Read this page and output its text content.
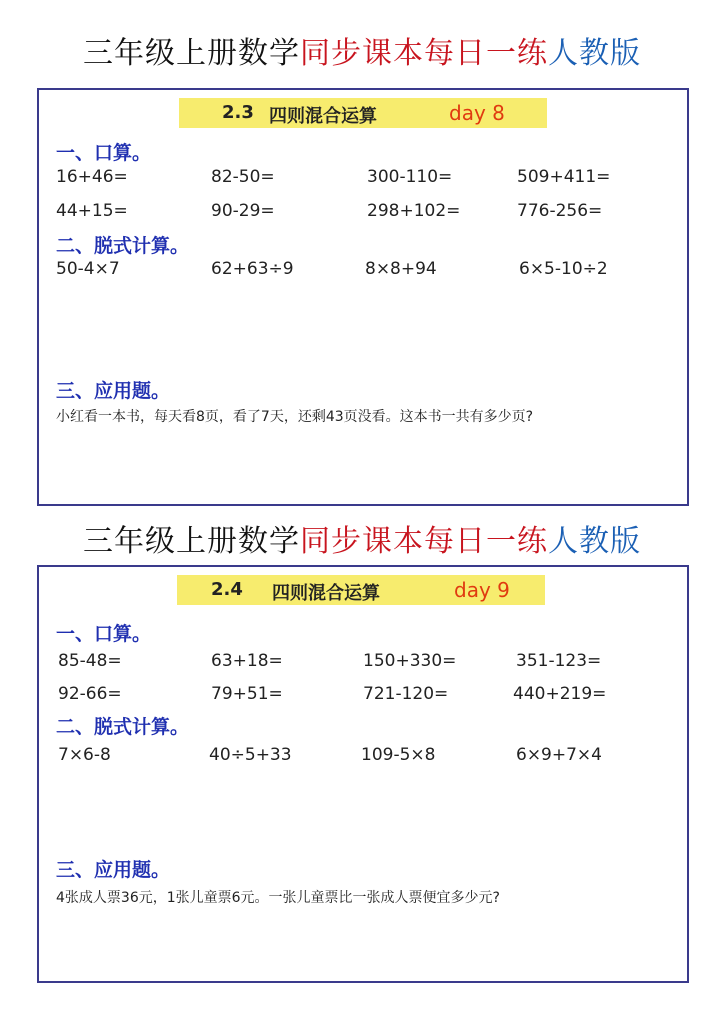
三年级上册数学同步课本每日一练人教版
2.3 四则混合运算	day 8
一、口算。
16+46=	82-50=	300-110=	509+411=
44+15=	90-29=	298+102=	776-256=
二、脱式计算。
50-4×7	62+63÷9	8×8+94	6×5-10÷2
三、应用题。
小红看一本书，每天看8页，看了7天，还剩43页没看。这本书一共有多少页?
三年级上册数学同步课本每日一练人教版
2.4 四则混合运算	day 9
一、口算。
85-48=	63+18=	150+330=	351-123=
92-66=	79+51=	721-120=	440+219=
二、脱式计算。
7×6-8	40÷5+33	109-5×8	6×9+7×4
三、应用题。
4张成人票36元，1张儿童票6元。一张儿童票比一张成人票便宜多少元?
